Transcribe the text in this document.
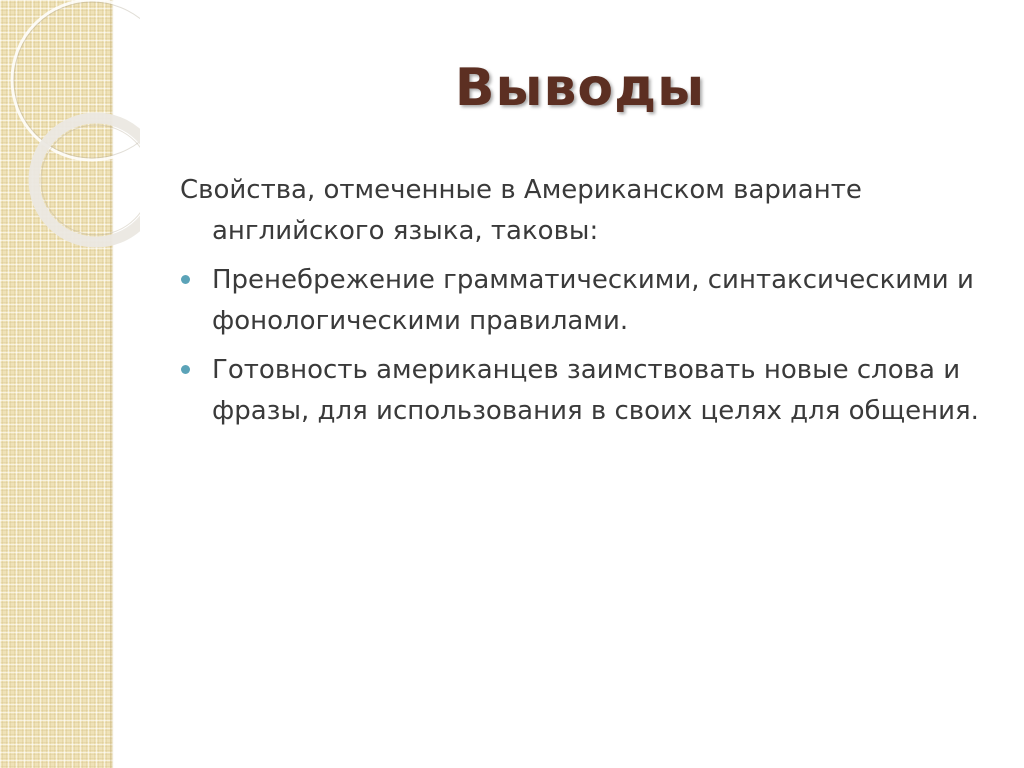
Выводы

Свойства, отмеченные в Американском варианте английского языка, таковы:

Пренебрежение грамматическими, синтаксическими и фонологическими правилами.
Готовность американцев заимствовать новые слова и фразы, для использования в своих целях для общения.
